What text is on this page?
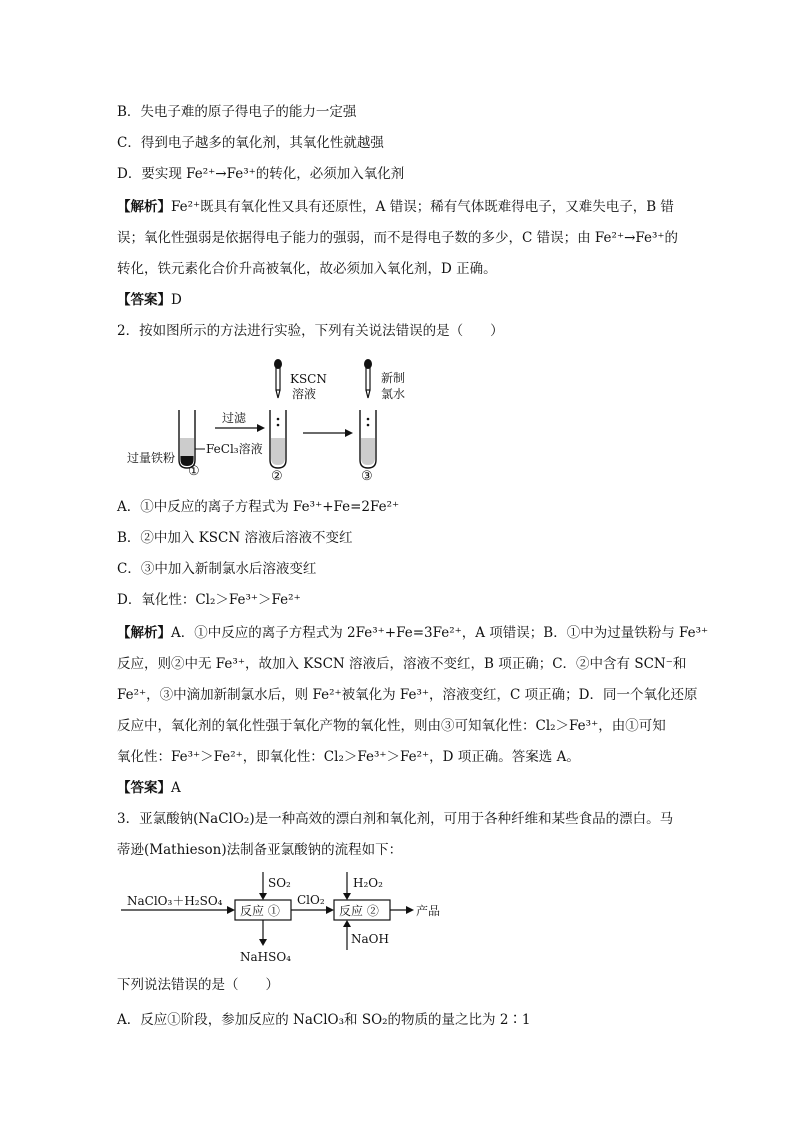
B．失电子难的原子得电子的能力一定强
C．得到电子越多的氧化剂，其氧化性就越强
D．要实现 Fe²⁺→Fe³⁺的转化，必须加入氧化剂
【解析】Fe²⁺既具有氧化性又具有还原性，A 错误；稀有气体既难得电子，又难失电子，B 错
误；氧化性强弱是依据得电子能力的强弱，而不是得电子数的多少，C 错误；由 Fe²⁺→Fe³⁺的
转化，铁元素化合价升高被氧化，故必须加入氧化剂，D 正确。
【答案】D
2．按如图所示的方法进行实验，下列有关说法错误的是（　　）
KSCN
溶液
新制
氯水
过滤
FeCl₃溶液
过量铁粉
①	②	③
A．①中反应的离子方程式为 Fe³⁺+Fe=2Fe²⁺
B．②中加入 KSCN 溶液后溶液不变红
C．③中加入新制氯水后溶液变红
D．氧化性：Cl₂＞Fe³⁺＞Fe²⁺
【解析】A．①中反应的离子方程式为 2Fe³⁺+Fe=3Fe²⁺，A 项错误；B．①中为过量铁粉与 Fe³⁺
反应，则②中无 Fe³⁺，故加入 KSCN 溶液后，溶液不变红，B 项正确；C．②中含有 SCN⁻和
Fe²⁺，③中滴加新制氯水后，则 Fe²⁺被氧化为 Fe³⁺，溶液变红，C 项正确；D．同一个氧化还原
反应中，氧化剂的氧化性强于氧化产物的氧化性，则由③可知氧化性：Cl₂＞Fe³⁺，由①可知
氧化性：Fe³⁺＞Fe²⁺，即氧化性：Cl₂＞Fe³⁺＞Fe²⁺，D 项正确。答案选 A。
【答案】A
3．亚氯酸钠(NaClO₂)是一种高效的漂白剂和氧化剂，可用于各种纤维和某些食品的漂白。马
蒂逊(Mathieson)法制备亚氯酸钠的流程如下：
NaClO₃＋H₂SO₄
SO₂
反应 ①
ClO₂
H₂O₂
反应 ②	产品
NaHSO₄
NaOH
下列说法错误的是（　　）
A．反应①阶段，参加反应的 NaClO₃和 SO₂的物质的量之比为 2∶1
